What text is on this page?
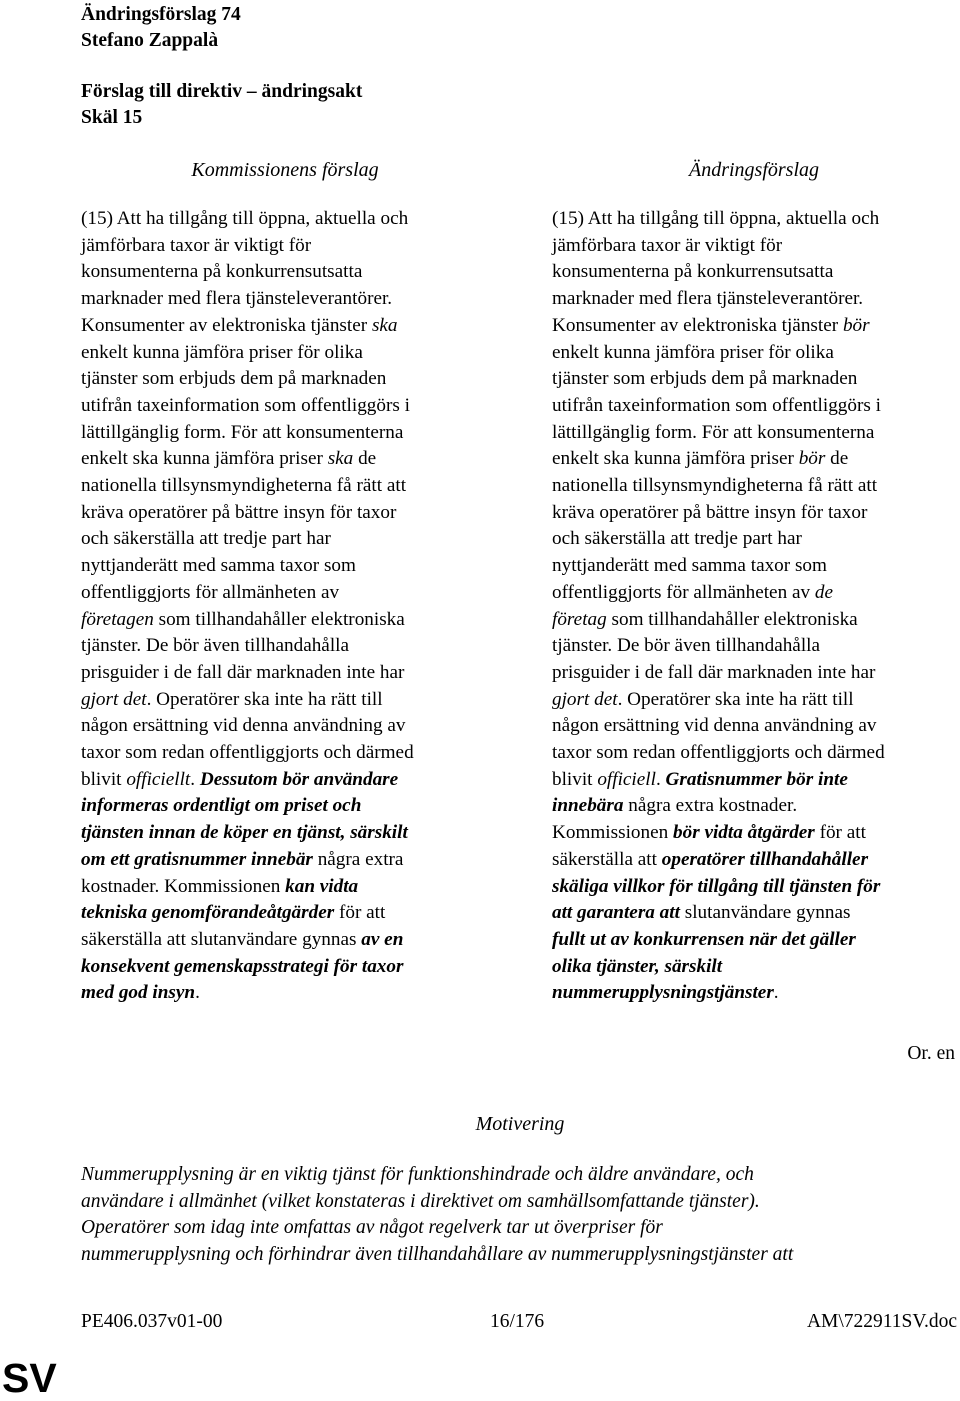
Ändringsförslag 74
Stefano Zappalà
Förslag till direktiv – ändringsakt
Skäl 15
Kommissionens förslag	Ändringsförslag
(15) Att ha tillgång till öppna, aktuella och
jämförbara taxor är viktigt för
konsumenterna på konkurrensutsatta
marknader med flera tjänsteleverantörer.
Konsumenter av elektroniska tjänster ska
enkelt kunna jämföra priser för olika
tjänster som erbjuds dem på marknaden
utifrån taxeinformation som offentliggörs i
lättillgänglig form. För att konsumenterna
enkelt ska kunna jämföra priser ska de
nationella tillsynsmyndigheterna få rätt att
kräva operatörer på bättre insyn för taxor
och säkerställa att tredje part har
nyttjanderätt med samma taxor som
offentliggjorts för allmänheten av
företagen som tillhandahåller elektroniska
tjänster. De bör även tillhandahålla
prisguider i de fall där marknaden inte har
gjort det. Operatörer ska inte ha rätt till
någon ersättning vid denna användning av
taxor som redan offentliggjorts och därmed
blivit officiellt. Dessutom bör användare
informeras ordentligt om priset och
tjänsten innan de köper en tjänst, särskilt
om ett gratisnummer innebär några extra
kostnader. Kommissionen kan vidta
tekniska genomförandeåtgärder för att
säkerställa att slutanvändare gynnas av en
konsekvent gemenskapsstrategi för taxor
med god insyn.
(15) Att ha tillgång till öppna, aktuella och
jämförbara taxor är viktigt för
konsumenterna på konkurrensutsatta
marknader med flera tjänsteleverantörer.
Konsumenter av elektroniska tjänster bör
enkelt kunna jämföra priser för olika
tjänster som erbjuds dem på marknaden
utifrån taxeinformation som offentliggörs i
lättillgänglig form. För att konsumenterna
enkelt ska kunna jämföra priser bör de
nationella tillsynsmyndigheterna få rätt att
kräva operatörer på bättre insyn för taxor
och säkerställa att tredje part har
nyttjanderätt med samma taxor som
offentliggjorts för allmänheten av de
företag som tillhandahåller elektroniska
tjänster. De bör även tillhandahålla
prisguider i de fall där marknaden inte har
gjort det. Operatörer ska inte ha rätt till
någon ersättning vid denna användning av
taxor som redan offentliggjorts och därmed
blivit officiell. Gratisnummer bör inte
innebära några extra kostnader.
Kommissionen bör vidta åtgärder för att
säkerställa att operatörer tillhandahåller
skäliga villkor för tillgång till tjänsten för
att garantera att slutanvändare gynnas
fullt ut av konkurrensen när det gäller
olika tjänster, särskilt
nummerupplysningstjänster.
Or. en
Motivering
Nummerupplysning är en viktig tjänst för funktionshindrade och äldre användare, och
användare i allmänhet (vilket konstateras i direktivet om samhällsomfattande tjänster).
Operatörer som idag inte omfattas av något regelverk tar ut överpriser för
nummerupplysning och förhindrar även tillhandahållare av nummerupplysningstjänster att
PE406.037v01-00	16/176	AM\722911SV.doc
SV
